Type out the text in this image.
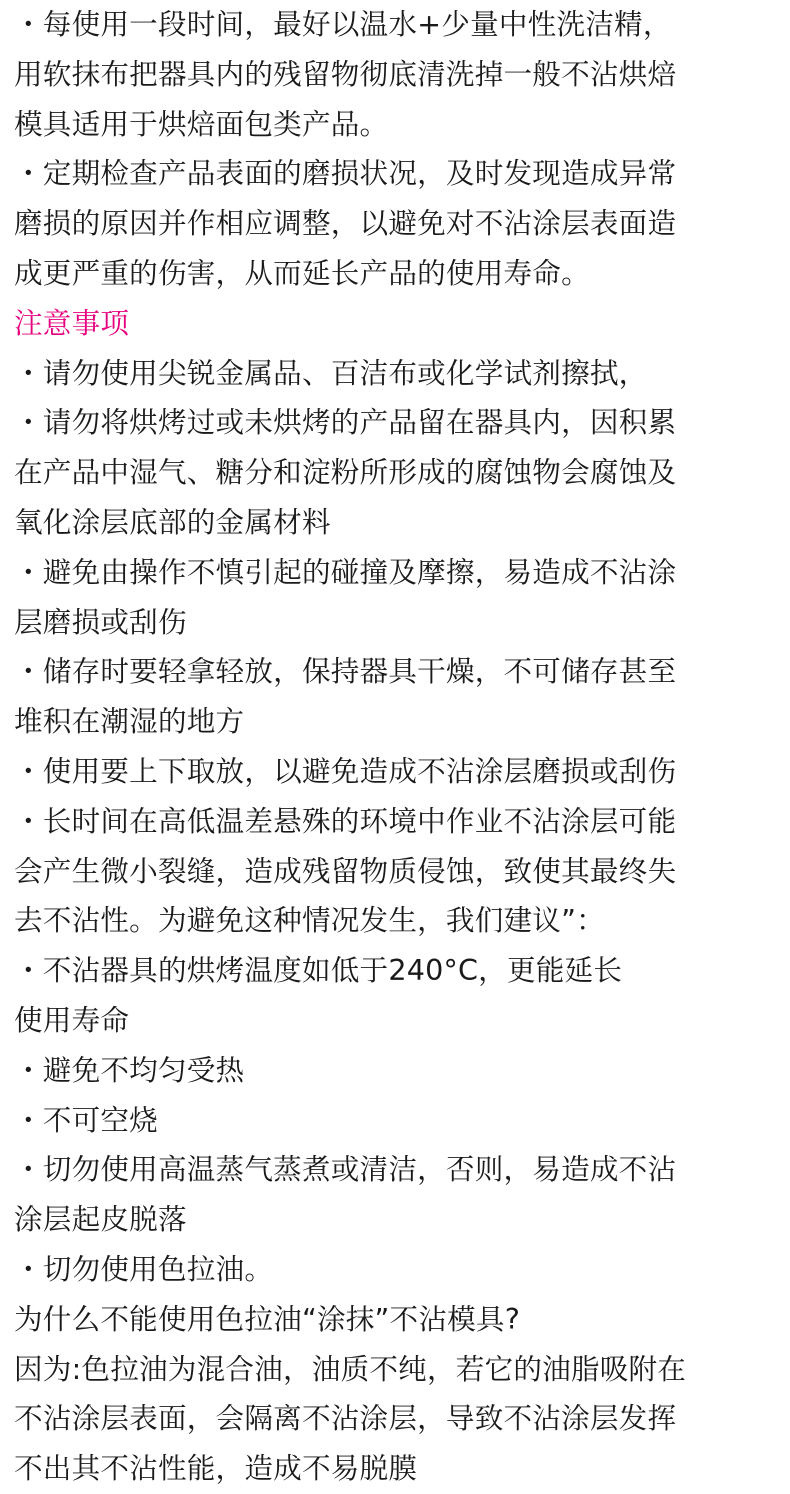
・每使用一段时间，最好以温水+少量中性洗洁精，
用软抹布把器具内的残留物彻底清洗掉一般不沾烘焙
模具适用于烘焙面包类产品。
・定期检查产品表面的磨损状况，及时发现造成异常
磨损的原因并作相应调整，以避免对不沾涂层表面造
成更严重的伤害，从而延长产品的使用寿命。
注意事项
・请勿使用尖锐金属品、百洁布或化学试剂擦拭，
・请勿将烘烤过或未烘烤的产品留在器具内，因积累
在产品中湿气、糖分和淀粉所形成的腐蚀物会腐蚀及
氧化涂层底部的金属材料
・避免由操作不慎引起的碰撞及摩擦，易造成不沾涂
层磨损或刮伤
・储存时要轻拿轻放，保持器具干燥，不可储存甚至
堆积在潮湿的地方
・使用要上下取放，以避免造成不沾涂层磨损或刮伤
・长时间在高低温差悬殊的环境中作业不沾涂层可能
会产生微小裂缝，造成残留物质侵蚀，致使其最终失
去不沾性。为避免这种情况发生，我们建议”：
・不沾器具的烘烤温度如低于240°C，更能延长
使用寿命
・避免不均匀受热
・不可空烧
・切勿使用高温蒸气蒸煮或清洁，否则，易造成不沾
涂层起皮脱落
・切勿使用色拉油。
为什么不能使用色拉油“涂抹”不沾模具?
因为:色拉油为混合油，油质不纯，若它的油脂吸附在
不沾涂层表面，会隔离不沾涂层，导致不沾涂层发挥
不出其不沾性能，造成不易脱膜
